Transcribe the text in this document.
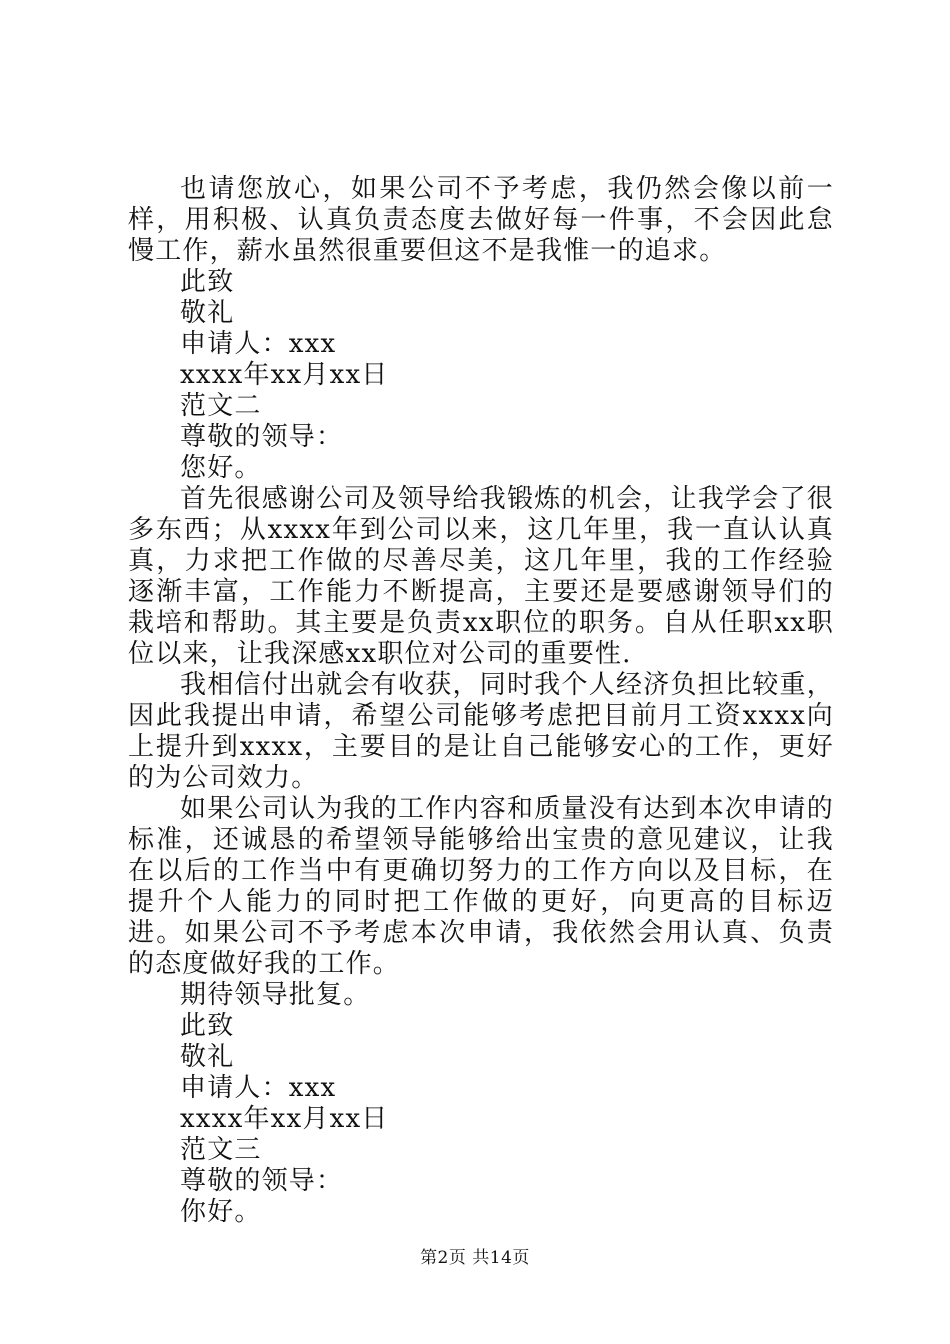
也请您放心，如果公司不予考虑，我仍然会像以前一样，用积极、认真负责态度去做好每一件事，不会因此怠慢工作，薪水虽然很重要但这不是我惟一的追求。

此致

敬礼

申请人：xxx

xxxx年xx月xx日

范文二

尊敬的领导：

您好。

首先很感谢公司及领导给我锻炼的机会，让我学会了很多东西；从xxxx年到公司以来，这几年里，我一直认认真真，力求把工作做的尽善尽美，这几年里，我的工作经验逐渐丰富，工作能力不断提高，主要还是要感谢领导们的栽培和帮助。其主要是负责xx职位的职务。自从任职xx职位以来，让我深感xx职位对公司的重要性.

我相信付出就会有收获，同时我个人经济负担比较重，因此我提出申请，希望公司能够考虑把目前月工资xxxx向上提升到xxxx，主要目的是让自己能够安心的工作，更好的为公司效力。

如果公司认为我的工作内容和质量没有达到本次申请的标准，还诚恳的希望领导能够给出宝贵的意见建议，让我在以后的工作当中有更确切努力的工作方向以及目标，在提升个人能力的同时把工作做的更好，向更高的目标迈进。如果公司不予考虑本次申请，我依然会用认真、负责的态度做好我的工作。

期待领导批复。

此致

敬礼

申请人：xxx

xxxx年xx月xx日

范文三

尊敬的领导：

你好。

第2页 共14页
